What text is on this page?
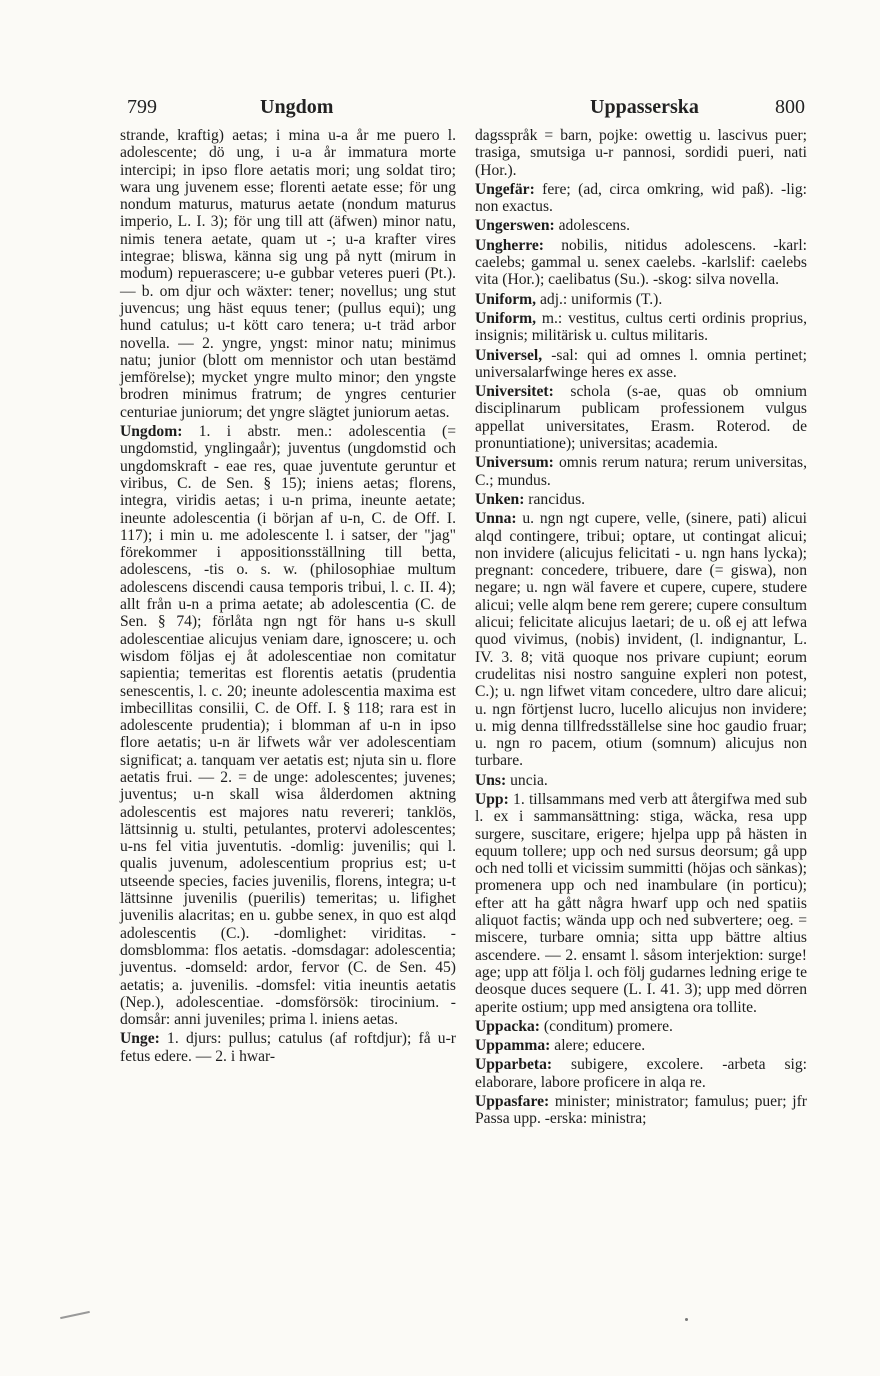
799	Ungdom	Uppasserska	800

strande, kraftig) aetas; i mina u-a år me puero l. adolescente; dö ung, i u-a år immatura morte intercipi; in ipso flore aetatis mori; ung soldat tiro; wara ung juvenem esse; florenti aetate esse; för ung nondum maturus, maturus aetate (nondum maturus imperio, L. I. 3); för ung till att (äfwen) minor natu, nimis tenera aetate, quam ut -; u-a krafter vires integrae; bliswa, känna sig ung på nytt (mirum in modum) repuerascere; u-e gubbar veteres pueri (Pt.). — b. om djur och wäxter: tener; novellus; ung stut juvencus; ung häst equus tener; (pullus equi); ung hund catulus; u-t kött caro tenera; u-t träd arbor novella. — 2. yngre, yngst: minor natu; minimus natu; junior (blott om mennistor och utan bestämd jemförelse); mycket yngre multo minor; den yngste brodren minimus fratrum; de yngres centurier centuriae juniorum; det yngre slägtet juniorum aetas.

Ungdom: 1. i abstr. men.: adolescentia (= ungdomstid, ynglingaår); juventus (ungdomstid och ungdomskraft - eae res, quae juventute geruntur et viribus, C. de Sen. § 15); iniens aetas; florens, integra, viridis aetas; i u-n prima, ineunte aetate; ineunte adolescentia (i början af u-n, C. de Off. I. 117); i min u. me adolescente l. i satser, der "jag" förekommer i appositionsställning till betta, adolescens, -tis o. s. w. (philosophiae multum adolescens discendi causa temporis tribui, l. c. II. 4); allt från u-n a prima aetate; ab adolescentia (C. de Sen. § 74); förlåta ngn ngt för hans u-s skull adolescentiae alicujus veniam dare, ignoscere; u. och wisdom följas ej åt adolescentiae non comitatur sapientia; temeritas est florentis aetatis (prudentia senescentis, l. c. 20; ineunte adolescentia maxima est imbecillitas consilii, C. de Off. I. § 118; rara est in adolescente prudentia); i blomman af u-n in ipso flore aetatis; u-n är lifwets wår ver adolescentiam significat; a. tanquam ver aetatis est; njuta sin u. flore aetatis frui. — 2. = de unge: adolescentes; juvenes; juventus; u-n skall wisa ålderdomen aktning adolescentis est majores natu revereri; tanklös, lättsinnig u. stulti, petulantes, protervi adolescentes; u-ns fel vitia juventutis. -domlig: juvenilis; qui l. qualis juvenum, adolescentium proprius est; u-t utseende species, facies juvenilis, florens, integra; u-t lättsinne juvenilis (puerilis) temeritas; u. lifighet juvenilis alacritas; en u. gubbe senex, in quo est alqd adolescentis (C.). -domlighet: viriditas. -domsblomma: flos aetatis. -domsdagar: adolescentia; juventus. -domseld: ardor, fervor (C. de Sen. 45) aetatis; a. juvenilis. -domsfel: vitia ineuntis aetatis (Nep.), adolescentiae. -domsförsök: tirocinium. -domsår: anni juveniles; prima l. iniens aetas.

Unge: 1. djurs: pullus; catulus (af roftdjur); få u-r fetus edere. — 2. i hwar-

dagsspråk = barn, pojke: owettig u. lascivus puer; trasiga, smutsiga u-r pannosi, sordidi pueri, nati (Hor.).

Ungefär: fere; (ad, circa omkring, wid paß). -lig: non exactus.

Ungerswen: adolescens.

Ungherre: nobilis, nitidus adolescens. -karl: caelebs; gammal u. senex caelebs. -karlslif: caelebs vita (Hor.); caelibatus (Su.). -skog: silva novella.

Uniform, adj.: uniformis (T.).

Uniform, m.: vestitus, cultus certi ordinis proprius, insignis; militärisk u. cultus militaris.

Universel, -sal: qui ad omnes l. omnia pertinet; universalarfwinge heres ex asse.

Universitet: schola (s-ae, quas ob omnium disciplinarum publicam professionem vulgus appellat universitates, Erasm. Roterod. de pronuntiatione); universitas; academia.

Universum: omnis rerum natura; rerum universitas, C.; mundus.

Unken: rancidus.

Unna: u. ngn ngt cupere, velle, (sinere, pati) alicui alqd contingere, tribui; optare, ut contingat alicui; non invidere (alicujus felicitati - u. ngn hans lycka); pregnant: concedere, tribuere, dare (= giswa), non negare; u. ngn wäl favere et cupere, cupere, studere alicui; velle alqm bene rem gerere; cupere consultum alicui; felicitate alicujus laetari; de u. oß ej att lefwa quod vivimus, (nobis) invident, (l. indignantur, L. IV. 3. 8; vitä quoque nos privare cupiunt; eorum crudelitas nisi nostro sanguine expleri non potest, C.); u. ngn lifwet vitam concedere, ultro dare alicui; u. ngn förtjenst lucro, lucello alicujus non invidere; u. mig denna tillfredsställelse sine hoc gaudio fruar; u. ngn ro pacem, otium (somnum) alicujus non turbare.

Uns: uncia.

Upp: 1. tillsammans med verb att återgifwa med sub l. ex i sammansättning: stiga, wäcka, resa upp surgere, suscitare, erigere; hjelpa upp på hästen in equum tollere; upp och ned sursus deorsum; gå upp och ned tolli et vicissim summitti (höjas och sänkas); promenera upp och ned inambulare (in porticu); efter att ha gått några hwarf upp och ned spatiis aliquot factis; wända upp och ned subvertere; oeg. = miscere, turbare omnia; sitta upp bättre altius ascendere. — 2. ensamt l. såsom interjektion: surge! age; upp att följa l. och följ gudarnes ledning erige te deosque duces sequere (L. I. 41. 3); upp med dörren aperite ostium; upp med ansigtena ora tollite.

Uppacka: (conditum) promere.

Uppamma: alere; educere.

Upparbeta: subigere, excolere. -arbeta sig: elaborare, labore proficere in alqa re.

Uppasfare: minister; ministrator; famulus; puer; jfr Passa upp. -erska: ministra;
